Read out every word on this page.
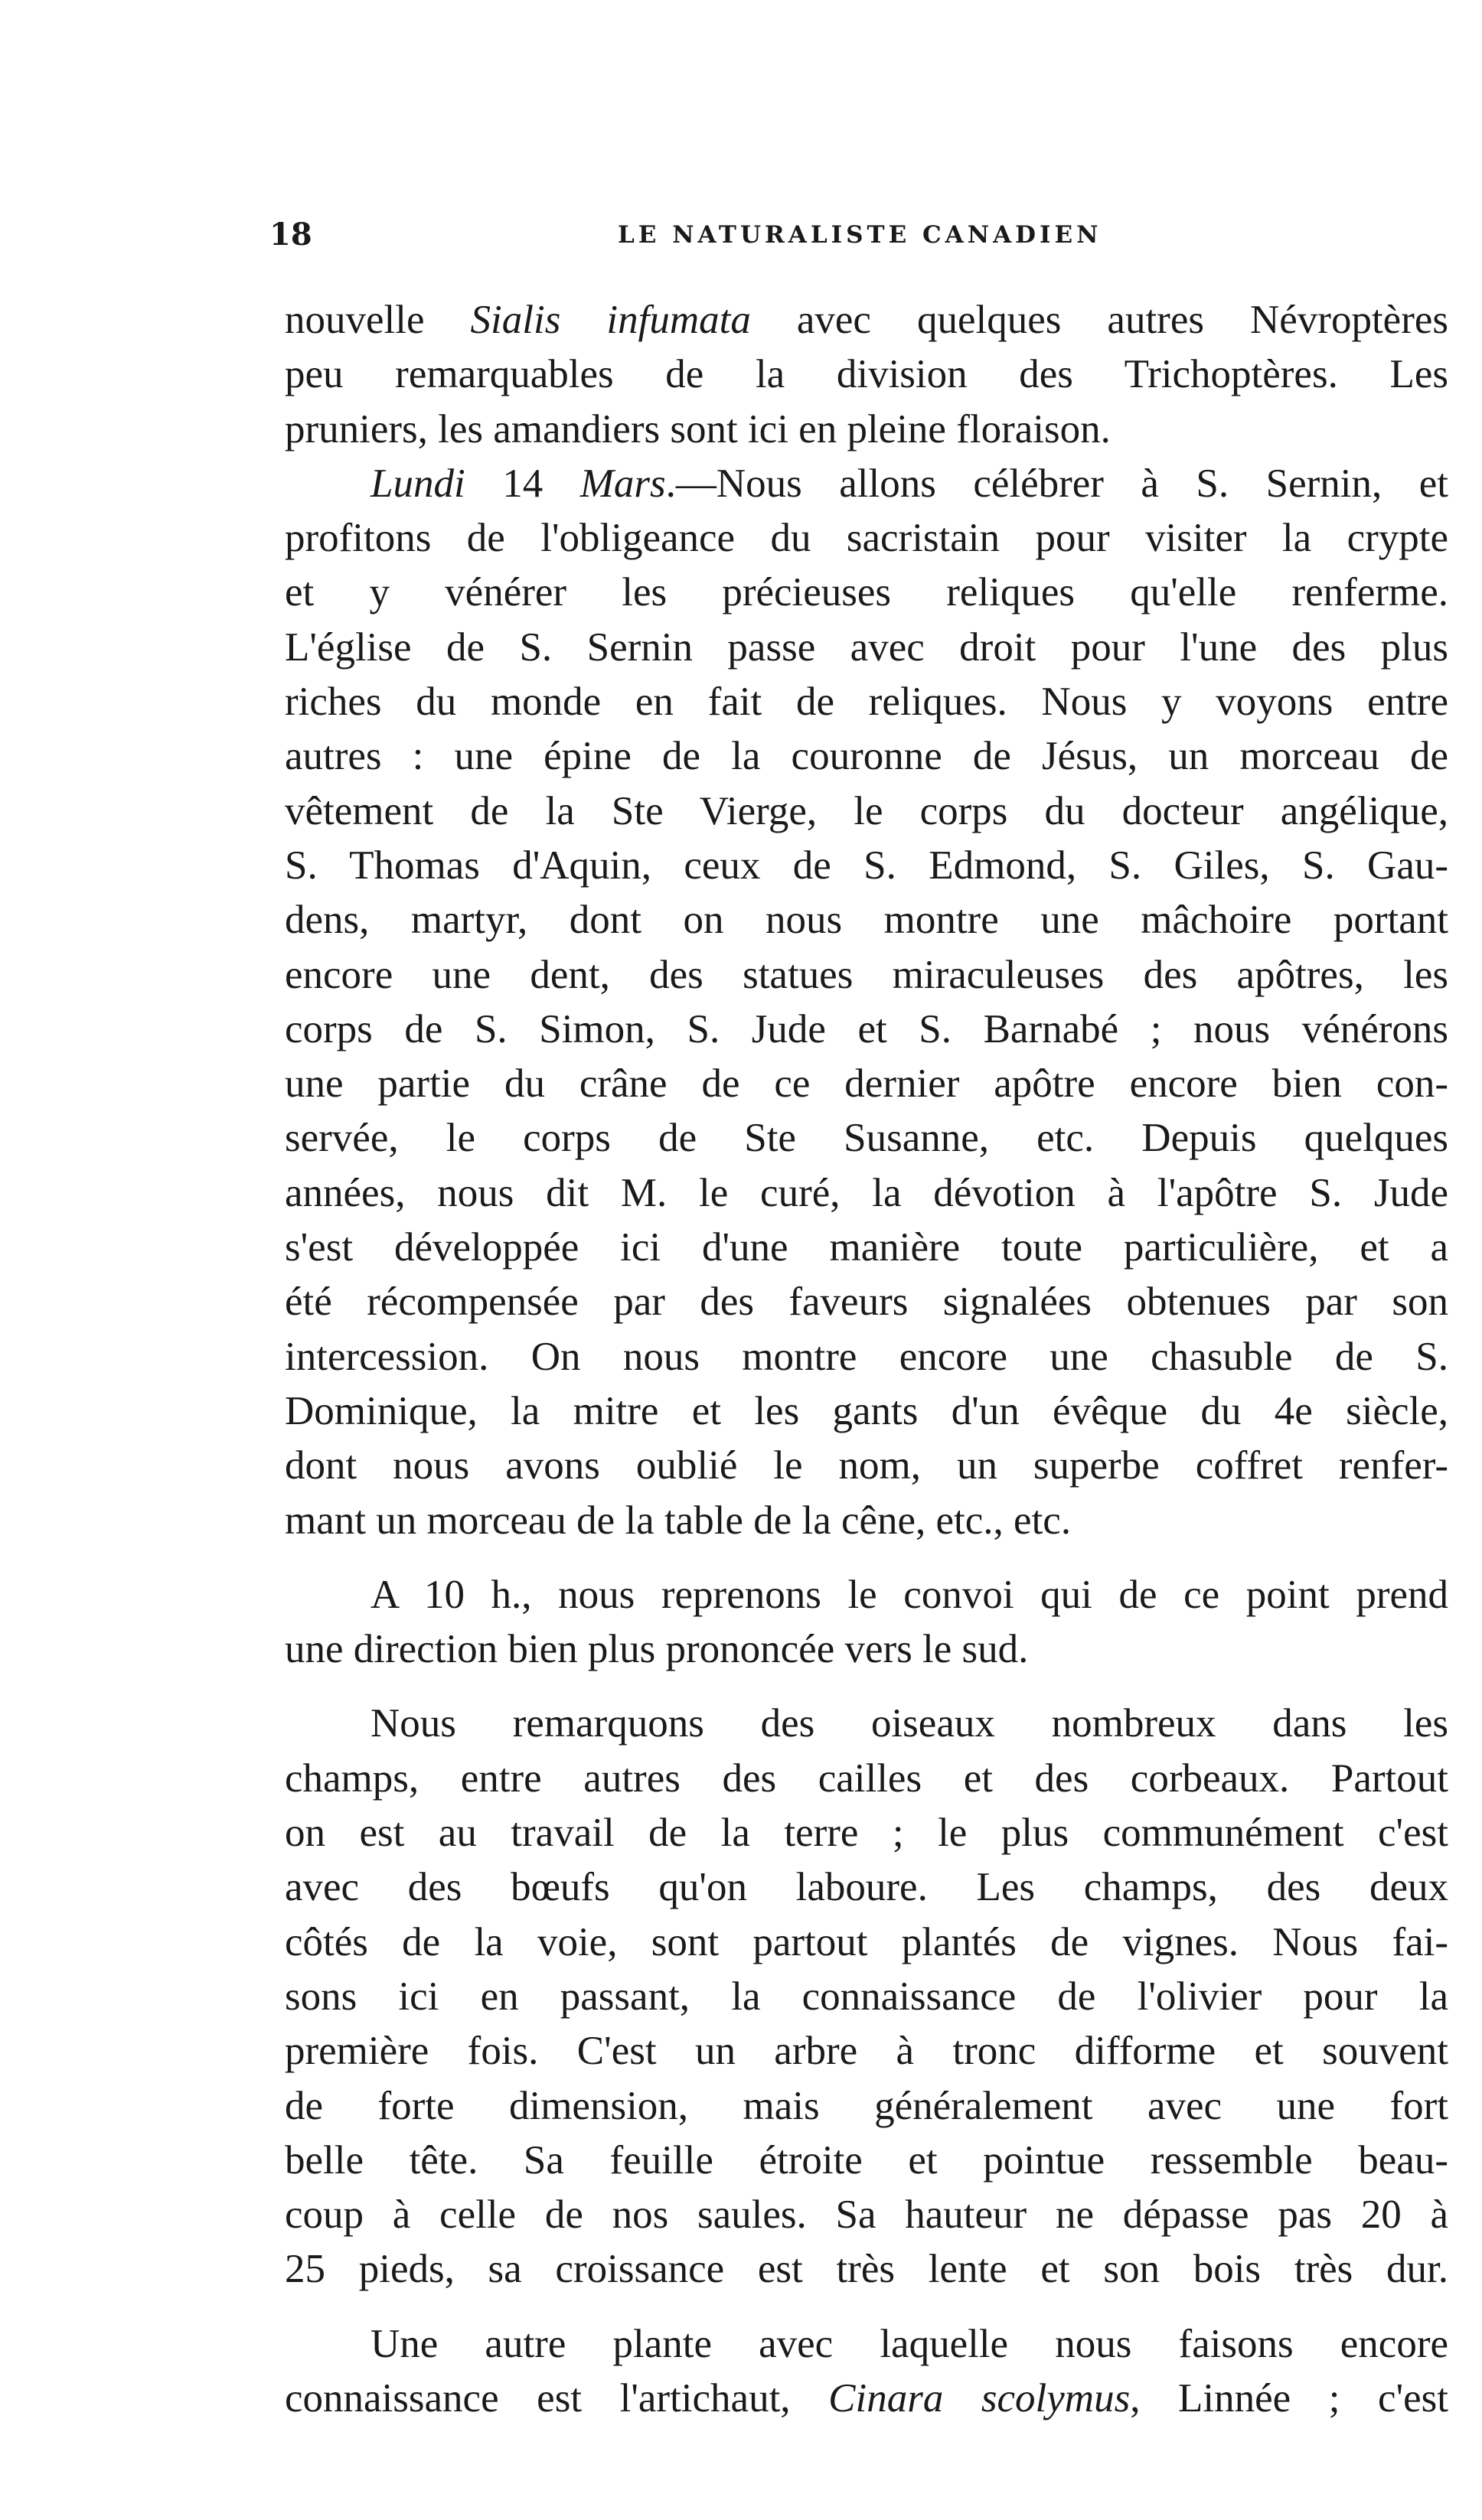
18	LE NATURALISTE CANADIEN
nouvelle Sialis infumata avec quelques autres Névroptères
peu remarquables de la division des Trichoptères. Les
pruniers, les amandiers sont ici en pleine floraison.
Lundi 14 Mars.—Nous allons célébrer à S. Sernin, et
profitons de l'obligeance du sacristain pour visiter la crypte
et y vénérer les précieuses reliques qu'elle renferme.
L'église de S. Sernin passe avec droit pour l'une des plus
riches du monde en fait de reliques. Nous y voyons entre
autres : une épine de la couronne de Jésus, un morceau de
vêtement de la Ste Vierge, le corps du docteur angélique,
S. Thomas d'Aquin, ceux de S. Edmond, S. Giles, S. Gau-
dens, martyr, dont on nous montre une mâchoire portant
encore une dent, des statues miraculeuses des apôtres, les
corps de S. Simon, S. Jude et S. Barnabé ; nous vénérons
une partie du crâne de ce dernier apôtre encore bien con-
servée, le corps de Ste Susanne, etc. Depuis quelques
années, nous dit M. le curé, la dévotion à l'apôtre S. Jude
s'est développée ici d'une manière toute particulière, et a
été récompensée par des faveurs signalées obtenues par son
intercession. On nous montre encore une chasuble de S.
Dominique, la mitre et les gants d'un évêque du 4e siècle,
dont nous avons oublié le nom, un superbe coffret renfer-
mant un morceau de la table de la cêne, etc., etc.
A 10 h., nous reprenons le convoi qui de ce point prend
une direction bien plus prononcée vers le sud.
Nous remarquons des oiseaux nombreux dans les
champs, entre autres des cailles et des corbeaux. Partout
on est au travail de la terre ; le plus communément c'est
avec des bœufs qu'on laboure. Les champs, des deux
côtés de la voie, sont partout plantés de vignes. Nous fai-
sons ici en passant, la connaissance de l'olivier pour la
première fois. C'est un arbre à tronc difforme et souvent
de forte dimension, mais généralement avec une fort
belle tête. Sa feuille étroite et pointue ressemble beau-
coup à celle de nos saules. Sa hauteur ne dépasse pas 20 à
25 pieds, sa croissance est très lente et son bois très dur.
Une autre plante avec laquelle nous faisons encore
connaissance est l'artichaut, Cinara scolymus, Linnée ; c'est
